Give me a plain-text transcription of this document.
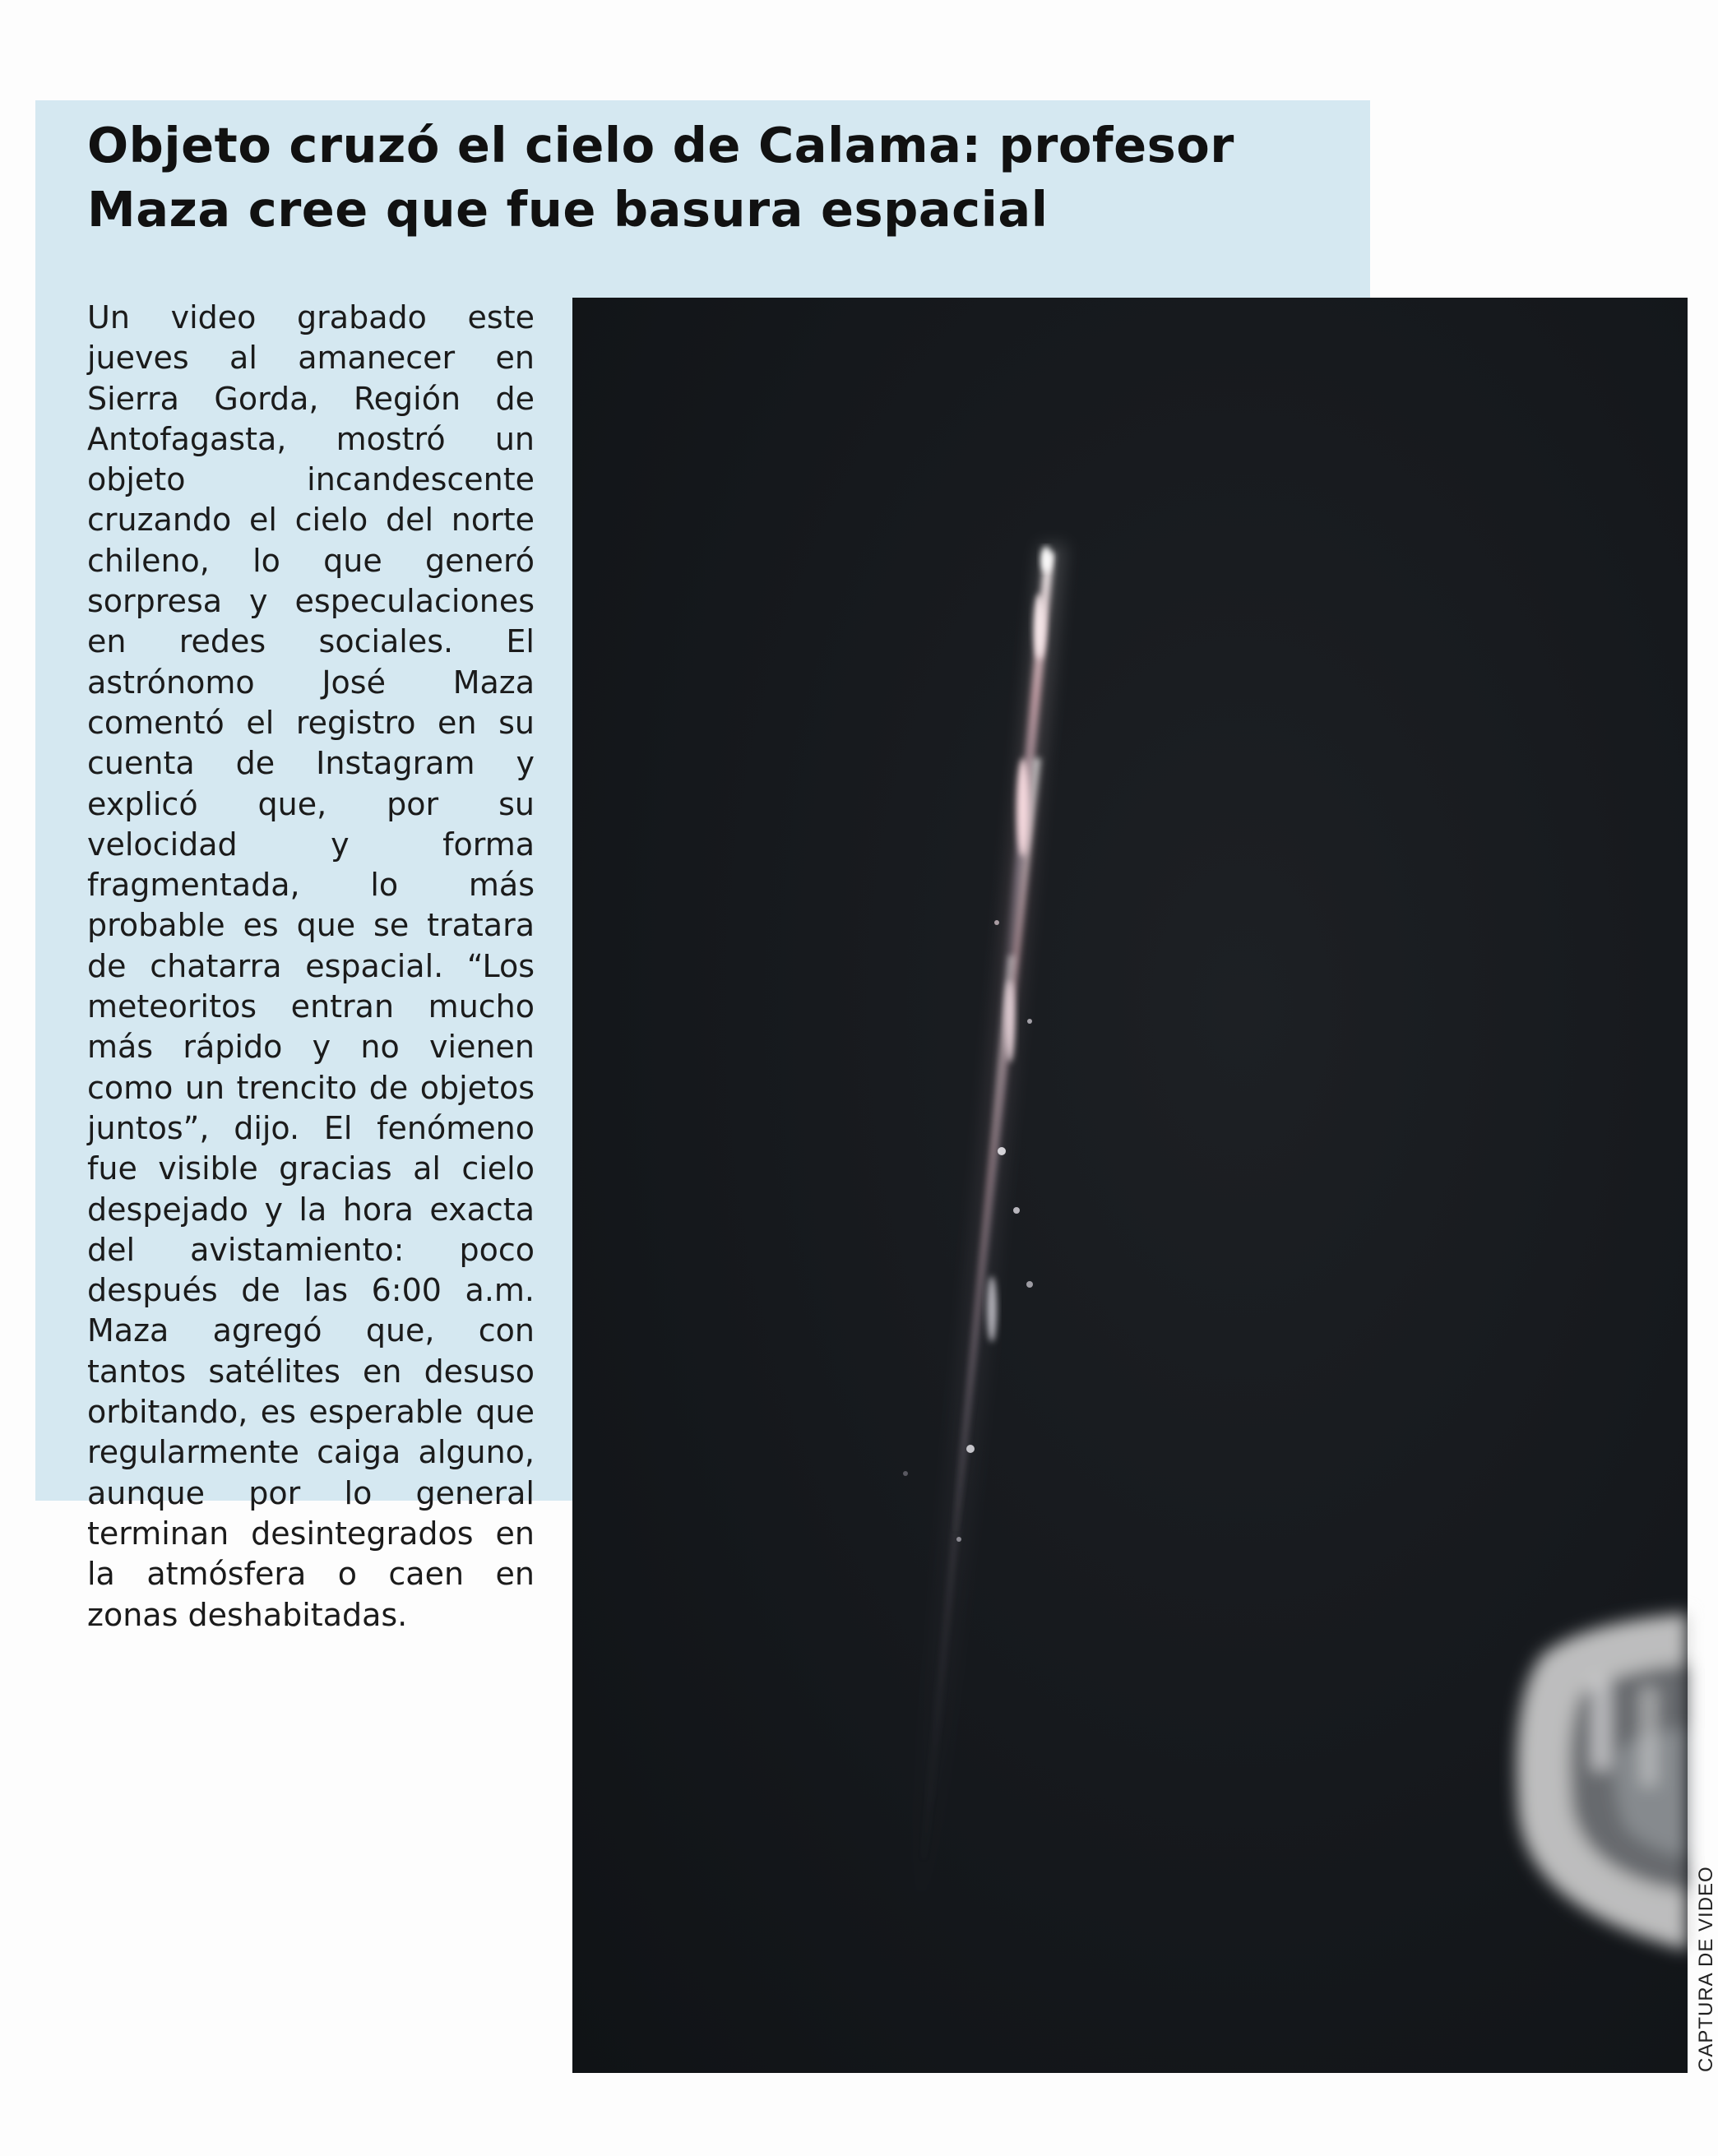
Objeto cruzó el cielo de Calama: profesor Maza cree que fue basura espacial

Un video grabado este jueves al amanecer en Sierra Gorda, Región de Antofagasta, mostró un objeto incandescente cruzando el cielo del norte chileno, lo que generó sorpresa y especulaciones en redes sociales. El astrónomo José Maza comentó el registro en su cuenta de Instagram y explicó que, por su velocidad y forma fragmentada, lo más probable es que se tratara de chatarra espacial. “Los meteoritos entran mucho más rápido y no vienen como un trencito de objetos juntos”, dijo. El fenómeno fue visible gracias al cielo despejado y la hora exacta del avistamiento: poco después de las 6:00 a.m. Maza agregó que, con tantos satélites en desuso orbitando, es esperable que regularmente caiga alguno, aunque por lo general terminan desintegrados en la atmósfera o caen en zonas deshabitadas.

CAPTURA DE VIDEO
